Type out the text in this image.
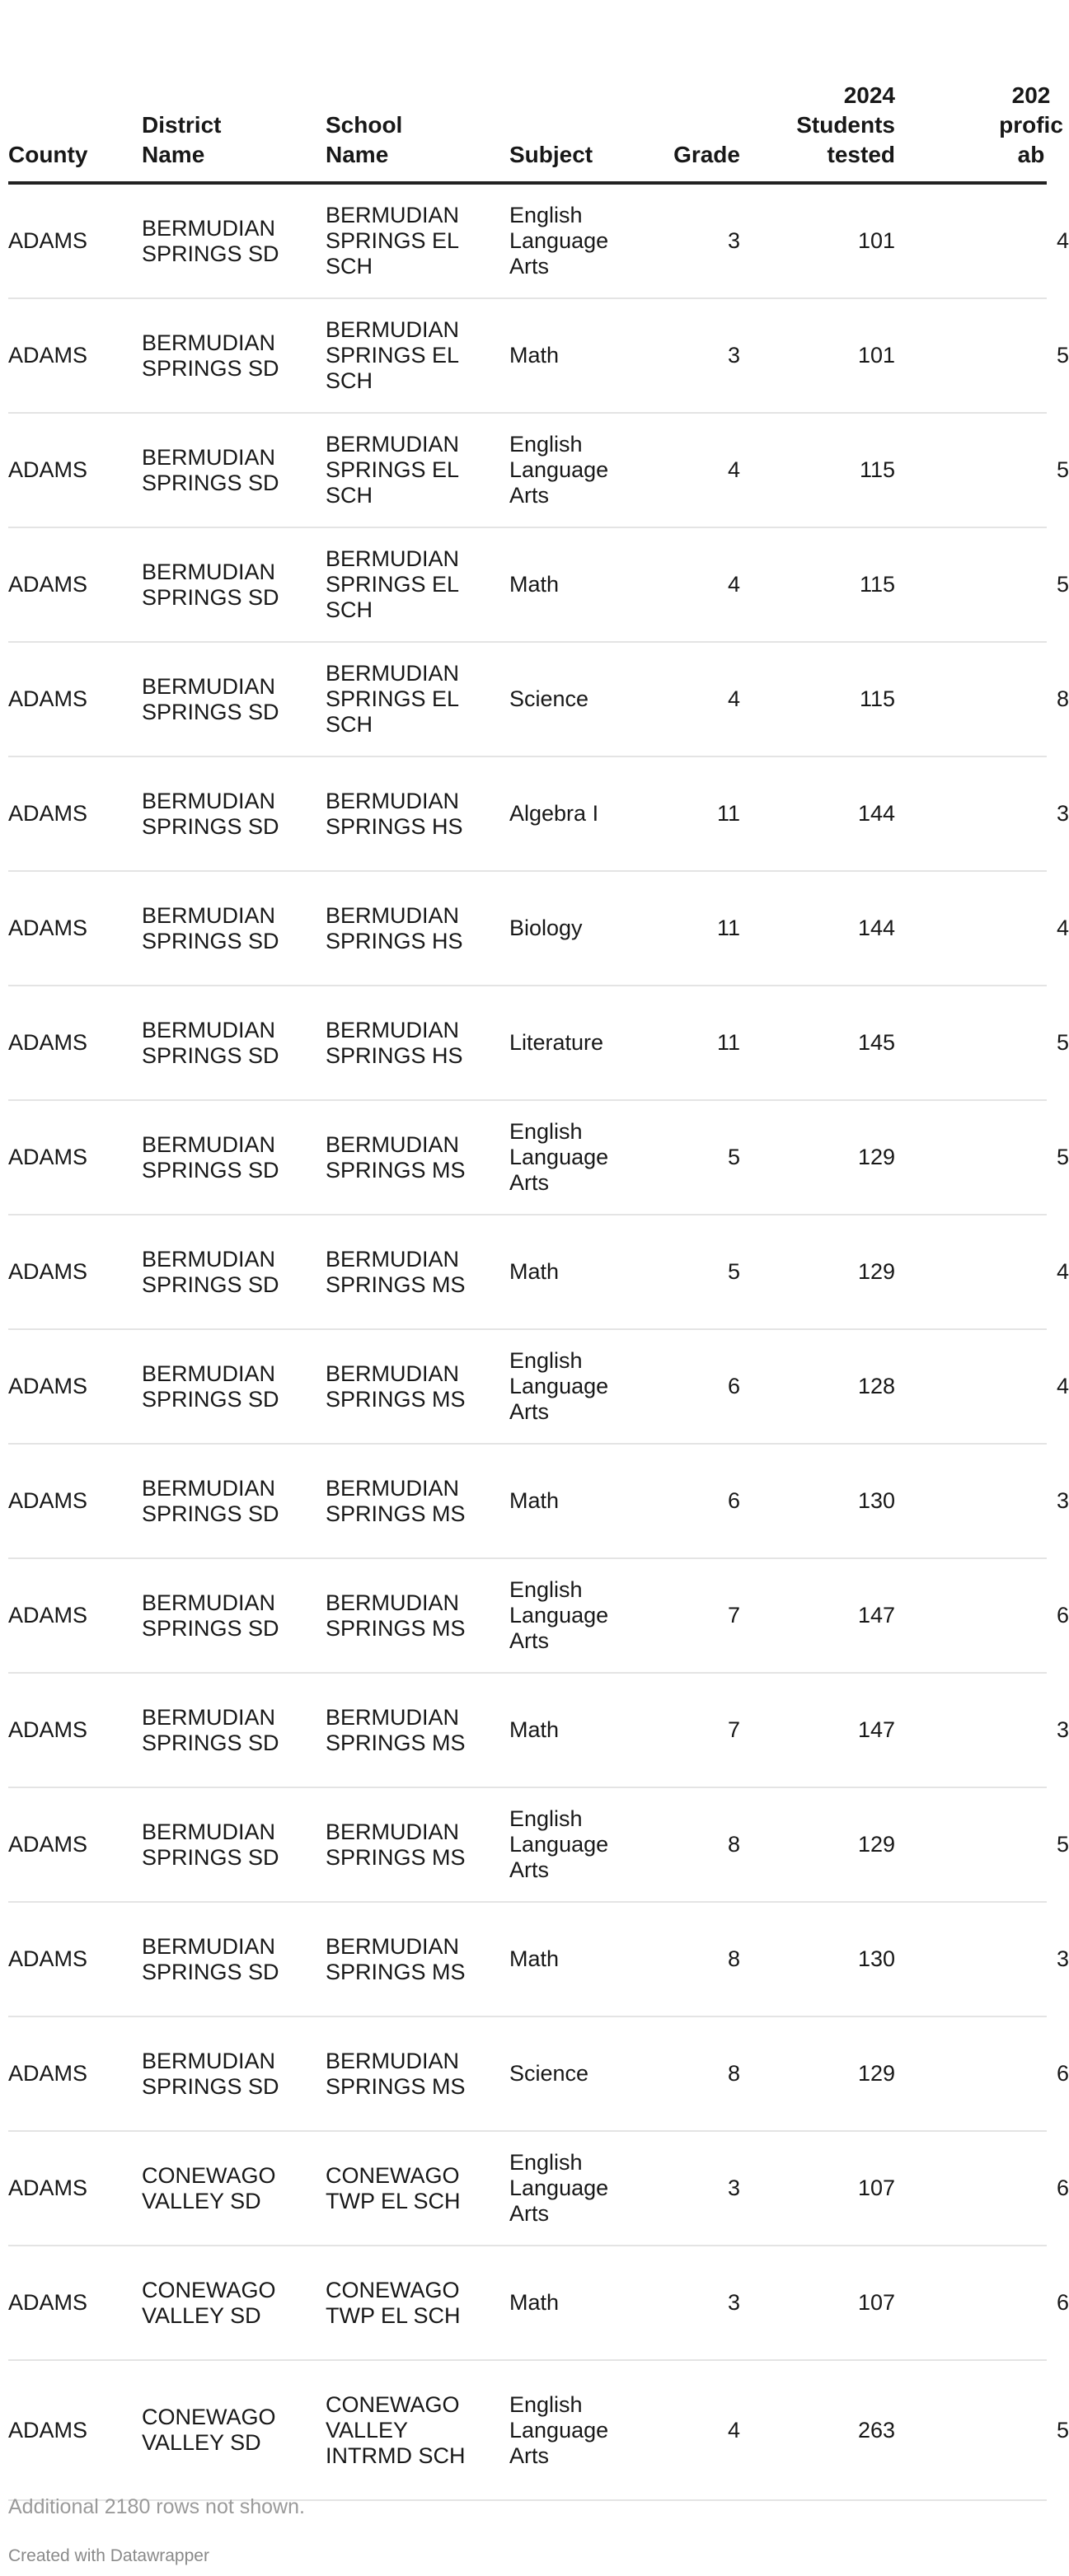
County	District Name	School Name	Subject	Grade	2024 Students tested	202 profic ab
ADAMS	BERMUDIAN SPRINGS SD	BERMUDIAN SPRINGS EL SCH	English Language Arts	3	101	4
ADAMS	BERMUDIAN SPRINGS SD	BERMUDIAN SPRINGS EL SCH	Math	3	101	5
ADAMS	BERMUDIAN SPRINGS SD	BERMUDIAN SPRINGS EL SCH	English Language Arts	4	115	5
ADAMS	BERMUDIAN SPRINGS SD	BERMUDIAN SPRINGS EL SCH	Math	4	115	5
ADAMS	BERMUDIAN SPRINGS SD	BERMUDIAN SPRINGS EL SCH	Science	4	115	8
ADAMS	BERMUDIAN SPRINGS SD	BERMUDIAN SPRINGS HS	Algebra I	11	144	3
ADAMS	BERMUDIAN SPRINGS SD	BERMUDIAN SPRINGS HS	Biology	11	144	4
ADAMS	BERMUDIAN SPRINGS SD	BERMUDIAN SPRINGS HS	Literature	11	145	5
ADAMS	BERMUDIAN SPRINGS SD	BERMUDIAN SPRINGS MS	English Language Arts	5	129	5
ADAMS	BERMUDIAN SPRINGS SD	BERMUDIAN SPRINGS MS	Math	5	129	4
ADAMS	BERMUDIAN SPRINGS SD	BERMUDIAN SPRINGS MS	English Language Arts	6	128	4
ADAMS	BERMUDIAN SPRINGS SD	BERMUDIAN SPRINGS MS	Math	6	130	3
ADAMS	BERMUDIAN SPRINGS SD	BERMUDIAN SPRINGS MS	English Language Arts	7	147	6
ADAMS	BERMUDIAN SPRINGS SD	BERMUDIAN SPRINGS MS	Math	7	147	3
ADAMS	BERMUDIAN SPRINGS SD	BERMUDIAN SPRINGS MS	English Language Arts	8	129	5
ADAMS	BERMUDIAN SPRINGS SD	BERMUDIAN SPRINGS MS	Math	8	130	3
ADAMS	BERMUDIAN SPRINGS SD	BERMUDIAN SPRINGS MS	Science	8	129	6
ADAMS	CONEWAGO VALLEY SD	CONEWAGO TWP EL SCH	English Language Arts	3	107	6
ADAMS	CONEWAGO VALLEY SD	CONEWAGO TWP EL SCH	Math	3	107	6
ADAMS	CONEWAGO VALLEY SD	CONEWAGO VALLEY INTRMD SCH	English Language Arts	4	263	5
Additional 2180 rows not shown.
Created with Datawrapper
